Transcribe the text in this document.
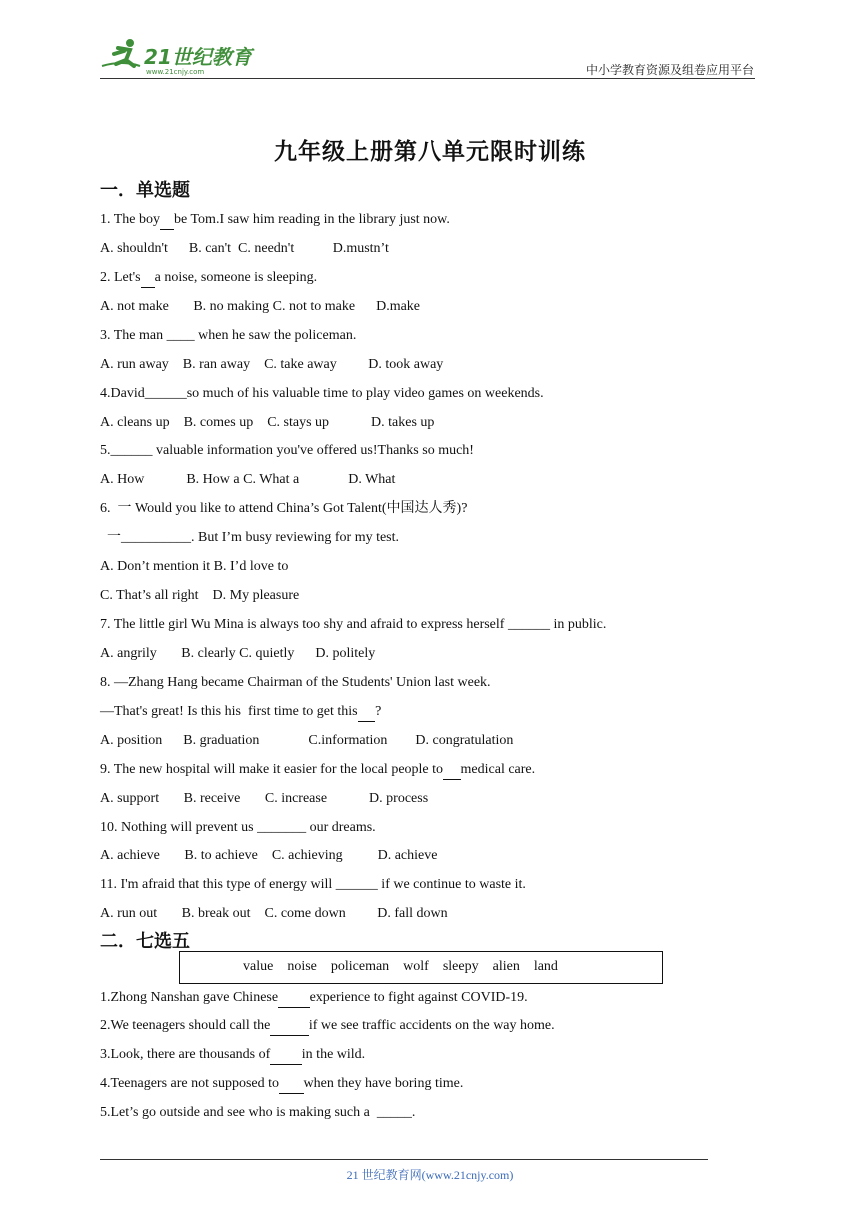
21世纪教育
www.21cnjy.com	中小学教育资源及组卷应用平台
九年级上册第八单元限时训练
一．单选题
1. The boy be Tom.I saw him reading in the library just now.
A. shouldn't      B. can't  C. needn't           D.mustn’t
2. Let's a noise, someone is sleeping.
A. not make       B. no making C. not to make      D.make
3. The man ____ when he saw the policeman.
A. run away    B. ran away    C. take away         D. took away
4.David______so much of his valuable time to play video games on weekends.
A. cleans up    B. comes up    C. stays up            D. takes up
5.______ valuable information you've offered us!Thanks so much!
A. How            B. How a C. What a              D. What
6.  一 Would you like to attend China’s Got Talent(中国达人秀)?
一__________. But I’m busy reviewing for my test.
A. Don’t mention it B. I’d love to
C. That’s all right    D. My pleasure
7. The little girl Wu Mina is always too shy and afraid to express herself ______ in public.
A. angrily       B. clearly C. quietly      D. politely
8. —Zhang Hang became Chairman of the Students' Union last week.
—That's great! Is this his  first time to get this ?
A. position      B. graduation              C.information        D. congratulation
9. The new hospital will make it easier for the local people to medical care.
A. support       B. receive       C. increase            D. process
10. Nothing will prevent us _______ our dreams.
A. achieve       B. to achieve    C. achieving          D. achieve
11. I'm afraid that this type of energy will ______ if we continue to waste it.
A. run out       B. break out    C. come down         D. fall down
二．七选五
value    noise    policeman    wolf    sleepy    alien    land
1.Zhong Nanshan gave Chinese experience to fight against COVID-19.
2.We teenagers should call the	if we see traffic accidents on the way home.
3.Look, there are thousands of in the wild.
4.Teenagers are not supposed to when they have boring time.
5.Let’s go outside and see who is making such a  _____.
21 世纪教育网(www.21cnjy.com)
